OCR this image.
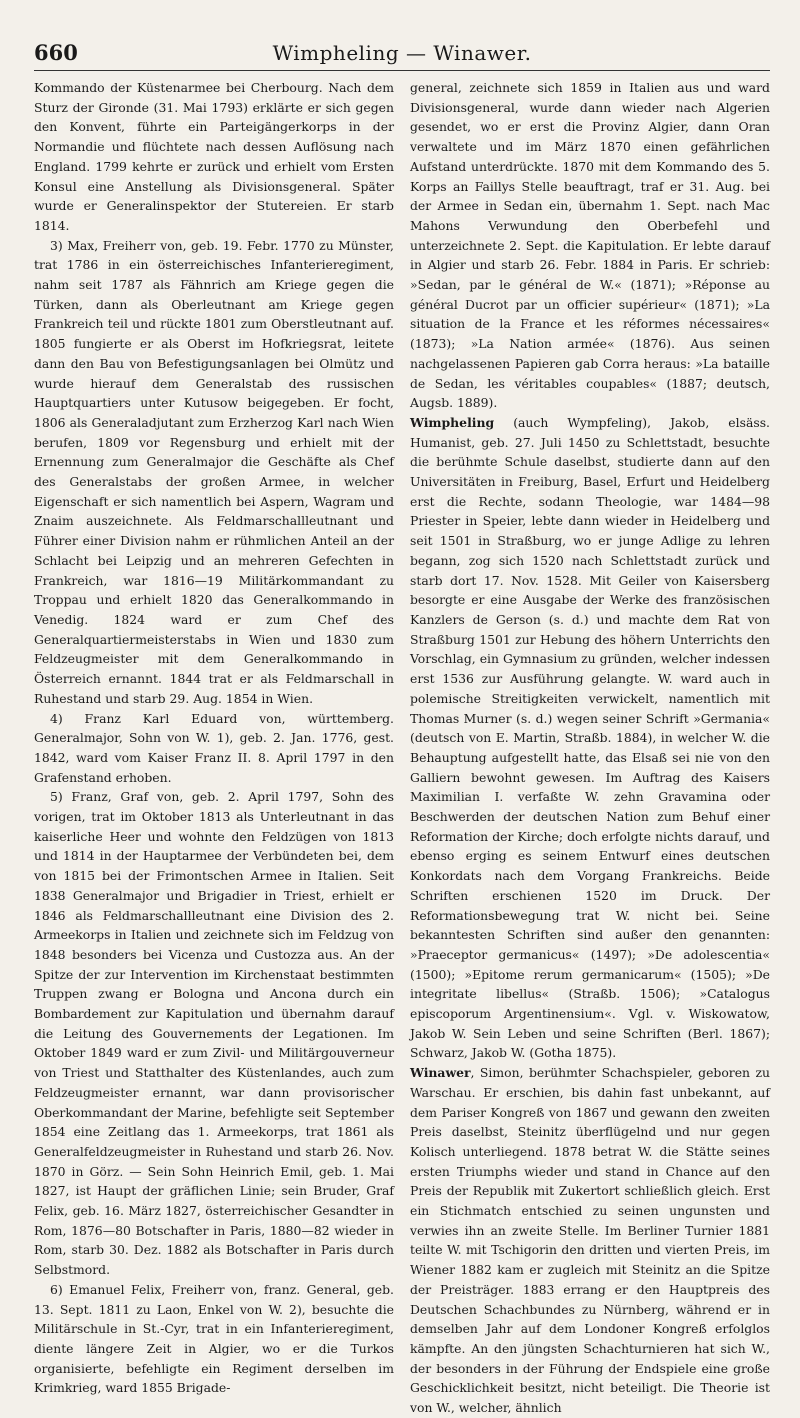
660	Wimpheling — Winawer.

Kommando der Küstenarmee bei Cherbourg. Nach dem Sturz der Gironde (31. Mai 1793) erklärte er sich gegen den Konvent, führte ein Parteigängerkorps in der Normandie und flüchtete nach dessen Auflösung nach England. 1799 kehrte er zurück und erhielt vom Ersten Konsul eine Anstellung als Divisionsgeneral. Später wurde er Generalinspektor der Stutereien. Er starb 1814.

3) Max, Freiherr von, geb. 19. Febr. 1770 zu Münster, trat 1786 in ein österreichisches Infanterieregiment, nahm seit 1787 als Fähnrich am Kriege gegen die Türken, dann als Oberleutnant am Kriege gegen Frankreich teil und rückte 1801 zum Oberstleutnant auf. 1805 fungierte er als Oberst im Hofkriegsrat, leitete dann den Bau von Befestigungsanlagen bei Olmütz und wurde hierauf dem Generalstab des russischen Hauptquartiers unter Kutusow beigegeben. Er focht, 1806 als Generaladjutant zum Erzherzog Karl nach Wien berufen, 1809 vor Regensburg und erhielt mit der Ernennung zum Generalmajor die Geschäfte als Chef des Generalstabs der großen Armee, in welcher Eigenschaft er sich namentlich bei Aspern, Wagram und Znaim auszeichnete. Als Feldmarschallleutnant und Führer einer Division nahm er rühmlichen Anteil an der Schlacht bei Leipzig und an mehreren Gefechten in Frankreich, war 1816—19 Militärkommandant zu Troppau und erhielt 1820 das Generalkommando in Venedig. 1824 ward er zum Chef des Generalquartiermeisterstabs in Wien und 1830 zum Feldzeugmeister mit dem Generalkommando in Österreich ernannt. 1844 trat er als Feldmarschall in Ruhestand und starb 29. Aug. 1854 in Wien.

4) Franz Karl Eduard von, württemberg. Generalmajor, Sohn von W. 1), geb. 2. Jan. 1776, gest. 1842, ward vom Kaiser Franz II. 8. April 1797 in den Grafenstand erhoben.

5) Franz, Graf von, geb. 2. April 1797, Sohn des vorigen, trat im Oktober 1813 als Unterleutnant in das kaiserliche Heer und wohnte den Feldzügen von 1813 und 1814 in der Hauptarmee der Verbündeten bei, dem von 1815 bei der Frimontschen Armee in Italien. Seit 1838 Generalmajor und Brigadier in Triest, erhielt er 1846 als Feldmarschallleutnant eine Division des 2. Armeekorps in Italien und zeichnete sich im Feldzug von 1848 besonders bei Vicenza und Custozza aus. An der Spitze der zur Intervention im Kirchenstaat bestimmten Truppen zwang er Bologna und Ancona durch ein Bombardement zur Kapitulation und übernahm darauf die Leitung des Gouvernements der Legationen. Im Oktober 1849 ward er zum Zivil- und Militärgouverneur von Triest und Statthalter des Küstenlandes, auch zum Feldzeugmeister ernannt, war dann provisorischer Oberkommandant der Marine, befehligte seit September 1854 eine Zeitlang das 1. Armeekorps, trat 1861 als Generalfeldzeugmeister in Ruhestand und starb 26. Nov. 1870 in Görz. — Sein Sohn Heinrich Emil, geb. 1. Mai 1827, ist Haupt der gräflichen Linie; sein Bruder, Graf Felix, geb. 16. März 1827, österreichischer Gesandter in Rom, 1876—80 Botschafter in Paris, 1880—82 wieder in Rom, starb 30. Dez. 1882 als Botschafter in Paris durch Selbstmord.

6) Emanuel Felix, Freiherr von, franz. General, geb. 13. Sept. 1811 zu Laon, Enkel von W. 2), besuchte die Militärschule in St.-Cyr, trat in ein Infanterieregiment, diente längere Zeit in Algier, wo er die Turkos organisierte, befehligte ein Regiment derselben im Krimkrieg, ward 1855 Brigade-

general, zeichnete sich 1859 in Italien aus und ward Divisionsgeneral, wurde dann wieder nach Algerien gesendet, wo er erst die Provinz Algier, dann Oran verwaltete und im März 1870 einen gefährlichen Aufstand unterdrückte. 1870 mit dem Kommando des 5. Korps an Faillys Stelle beauftragt, traf er 31. Aug. bei der Armee in Sedan ein, übernahm 1. Sept. nach Mac Mahons Verwundung den Oberbefehl und unterzeichnete 2. Sept. die Kapitulation. Er lebte darauf in Algier und starb 26. Febr. 1884 in Paris. Er schrieb: »Sedan, par le général de W.« (1871); »Réponse au général Ducrot par un officier supérieur« (1871); »La situation de la France et les réformes nécessaires« (1873); »La Nation armée« (1876). Aus seinen nachgelassenen Papieren gab Corra heraus: »La bataille de Sedan, les véritables coupables« (1887; deutsch, Augsb. 1889).

Wimpheling (auch Wympfeling), Jakob, elsäss. Humanist, geb. 27. Juli 1450 zu Schlettstadt, besuchte die berühmte Schule daselbst, studierte dann auf den Universitäten in Freiburg, Basel, Erfurt und Heidelberg erst die Rechte, sodann Theologie, war 1484—98 Priester in Speier, lebte dann wieder in Heidelberg und seit 1501 in Straßburg, wo er junge Adlige zu lehren begann, zog sich 1520 nach Schlettstadt zurück und starb dort 17. Nov. 1528. Mit Geiler von Kaisersberg besorgte er eine Ausgabe der Werke des französischen Kanzlers de Gerson (s. d.) und machte dem Rat von Straßburg 1501 zur Hebung des höhern Unterrichts den Vorschlag, ein Gymnasium zu gründen, welcher indessen erst 1536 zur Ausführung gelangte. W. ward auch in polemische Streitigkeiten verwickelt, namentlich mit Thomas Murner (s. d.) wegen seiner Schrift »Germania« (deutsch von E. Martin, Straßb. 1884), in welcher W. die Behauptung aufgestellt hatte, das Elsaß sei nie von den Galliern bewohnt gewesen. Im Auftrag des Kaisers Maximilian I. verfaßte W. zehn Gravamina oder Beschwerden der deutschen Nation zum Behuf einer Reformation der Kirche; doch erfolgte nichts darauf, und ebenso erging es seinem Entwurf eines deutschen Konkordats nach dem Vorgang Frankreichs. Beide Schriften erschienen 1520 im Druck. Der Reformationsbewegung trat W. nicht bei. Seine bekanntesten Schriften sind außer den genannten: »Praeceptor germanicus« (1497); »De adolescentia« (1500); »Epitome rerum germanicarum« (1505); »De integritate libellus« (Straßb. 1506); »Catalogus episcoporum Argentinensium«. Vgl. v. Wiskowatow, Jakob W. Sein Leben und seine Schriften (Berl. 1867); Schwarz, Jakob W. (Gotha 1875).

Winawer, Simon, berühmter Schachspieler, geboren zu Warschau. Er erschien, bis dahin fast unbekannt, auf dem Pariser Kongreß von 1867 und gewann den zweiten Preis daselbst, Steinitz überflügelnd und nur gegen Kolisch unterliegend. 1878 betrat W. die Stätte seines ersten Triumphs wieder und stand in Chance auf den Preis der Republik mit Zukertort schließlich gleich. Erst ein Stichmatch entschied zu seinen ungunsten und verwies ihn an zweite Stelle. Im Berliner Turnier 1881 teilte W. mit Tschigorin den dritten und vierten Preis, im Wiener 1882 kam er zugleich mit Steinitz an die Spitze der Preisträger. 1883 errang er den Hauptpreis des Deutschen Schachbundes zu Nürnberg, während er in demselben Jahr auf dem Londoner Kongreß erfolglos kämpfte. An den jüngsten Schachturnieren hat sich W., der besonders in der Führung der Endspiele eine große Geschicklichkeit besitzt, nicht beteiligt. Die Theorie ist von W., welcher, ähnlich
